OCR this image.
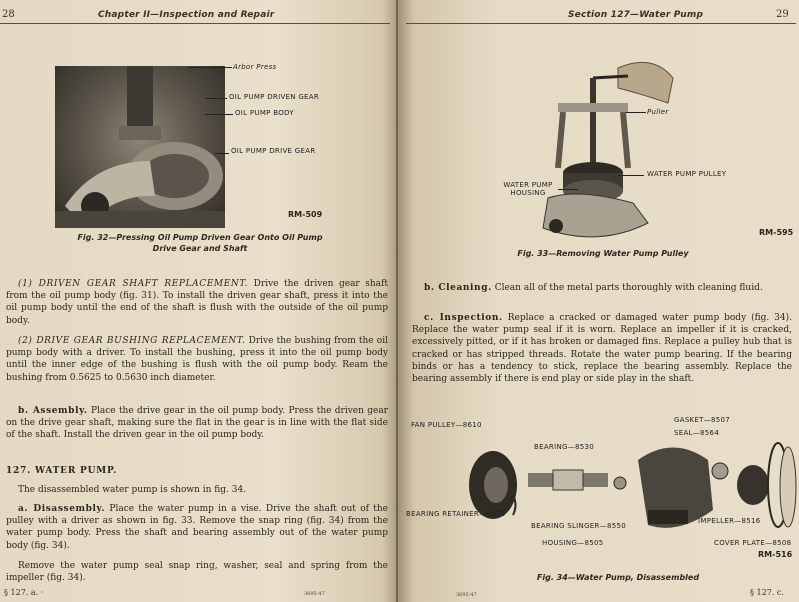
28	Chapter II—Inspection and Repair
Arbor Press
OIL PUMP DRIVEN GEAR
OIL PUMP BODY
OIL PUMP DRIVE GEAR
RM-509
Fig. 32—Pressing Oil Pump Driven Gear Onto Oil Pump
Drive Gear and Shaft
(1) DRIVEN GEAR SHAFT REPLACEMENT. Drive the driven gear shaft from the oil pump body (fig. 31). To install the driven gear shaft, press it into the oil pump body until the end of the shaft is flush with the outside of the oil pump body.
(2) DRIVE GEAR BUSHING REPLACEMENT. Drive the bushing from the oil pump body with a driver. To install the bushing, press it into the oil pump body until the inner edge of the bushing is flush with the oil pump body. Ream the bushing from 0.5625 to 0.5630 inch diameter.
b. Assembly. Place the drive gear in the oil pump body. Press the driven gear on the drive gear shaft, making sure the flat in the gear is in line with the flat side of the shaft. Install the driven gear in the oil pump body.
127. WATER PUMP.
The disassembled water pump is shown in fig. 34.
a. Disassembly. Place the water pump in a vise. Drive the shaft out of the pulley with a driver as shown in fig. 33. Remove the snap ring (fig. 34) from the water pump body. Press the shaft and bearing assembly out of the water pump body (fig. 34).
Remove the water pump seal snap ring, washer, seal and spring from the impeller (fig. 34).
§ 127. a. ·	3695-47
Section 127—Water Pump	29
Puller
WATER PUMP PULLEY
WATER PUMP
HOUSING
RM-595
Fig. 33—Removing Water Pump Pulley
b. Cleaning. Clean all of the metal parts thoroughly with cleaning fluid.
c. Inspection. Replace a cracked or damaged water pump body (fig. 34). Replace the water pump seal if it is worn. Replace an impeller if it is cracked, excessively pitted, or if it has broken or damaged fins. Replace a pulley hub that is cracked or has stripped threads. Rotate the water pump bearing. If the bearing binds or has a tendency to stick, replace the bearing assembly. Replace the bearing assembly if there is end play or side play in the shaft.
FAN PULLEY—8610
BEARING—8530
GASKET—8507
SEAL—8564
BEARING RETAINER—8576
BEARING SLINGER—8550
IMPELLER—8516
HOUSING—8505	COVER PLATE—8508
RM-516
Fig. 34—Water Pump, Disassembled
3695-47	§ 127. c.
